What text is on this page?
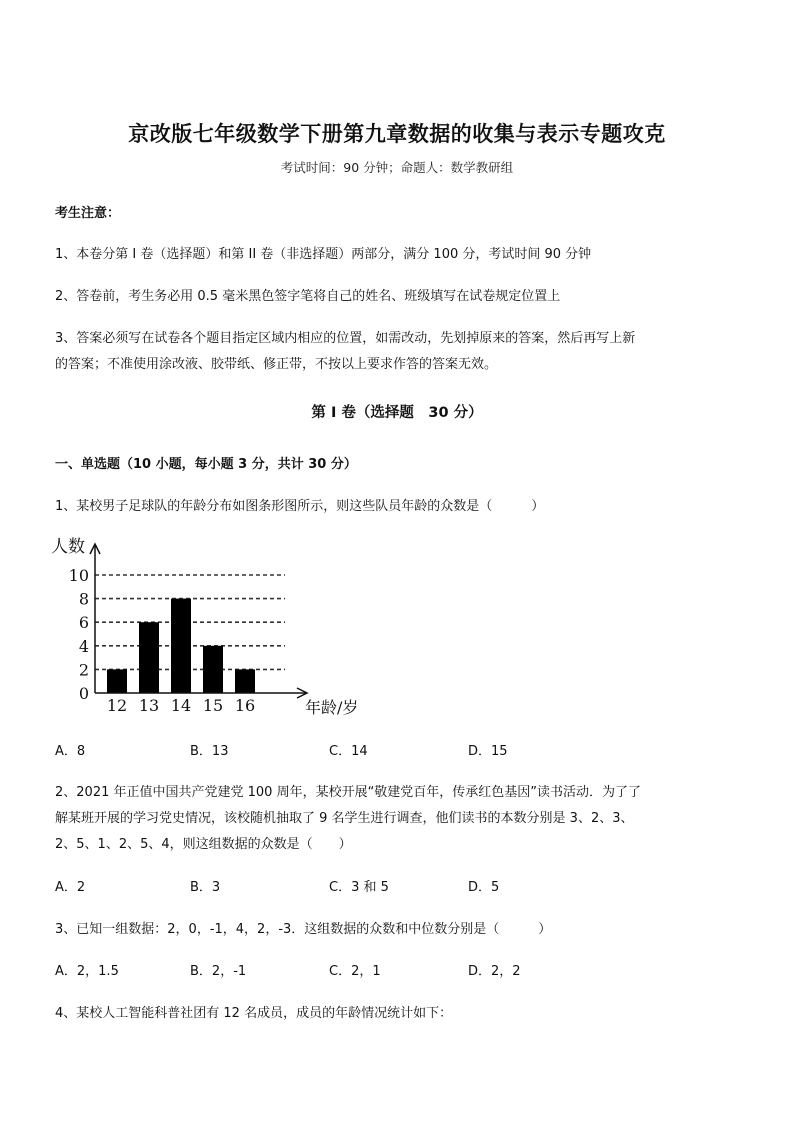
京改版七年级数学下册第九章数据的收集与表示专题攻克
考试时间：90 分钟；命题人：数学教研组
考生注意：
1、本卷分第 I 卷（选择题）和第 II 卷（非选择题）两部分，满分 100 分，考试时间 90 分钟
2、答卷前，考生务必用 0.5 毫米黑色签字笔将自己的姓名、班级填写在试卷规定位置上
3、答案必须写在试卷各个题目指定区域内相应的位置，如需改动，先划掉原来的答案，然后再写上新
的答案；不准使用涂改液、胶带纸、修正带，不按以上要求作答的答案无效。
第 I 卷（选择题　30 分）
一、单选题（10 小题，每小题 3 分，共计 30 分）
1、某校男子足球队的年龄分布如图条形图所示，则这些队员年龄的众数是（　　　）
0
2
4
6
8
10
12 13 14 15 16
人数
年龄/岁
A．8	B．13	C．14	D．15
2、2021 年正值中国共产党建党 100 周年，某校开展“敬建党百年，传承红色基因”读书活动．为了了
解某班开展的学习党史情况，该校随机抽取了 9 名学生进行调查，他们读书的本数分别是 3、2、3、
2、5、1、2、5、4，则这组数据的众数是（　　）
A．2	B．3	C．3 和 5	D．5
3、已知一组数据：2，0，-1，4，2，-3．这组数据的众数和中位数分别是（　　　）
A．2，1.5	B．2，-1	C．2，1	D．2，2
4、某校人工智能科普社团有 12 名成员，成员的年龄情况统计如下：
